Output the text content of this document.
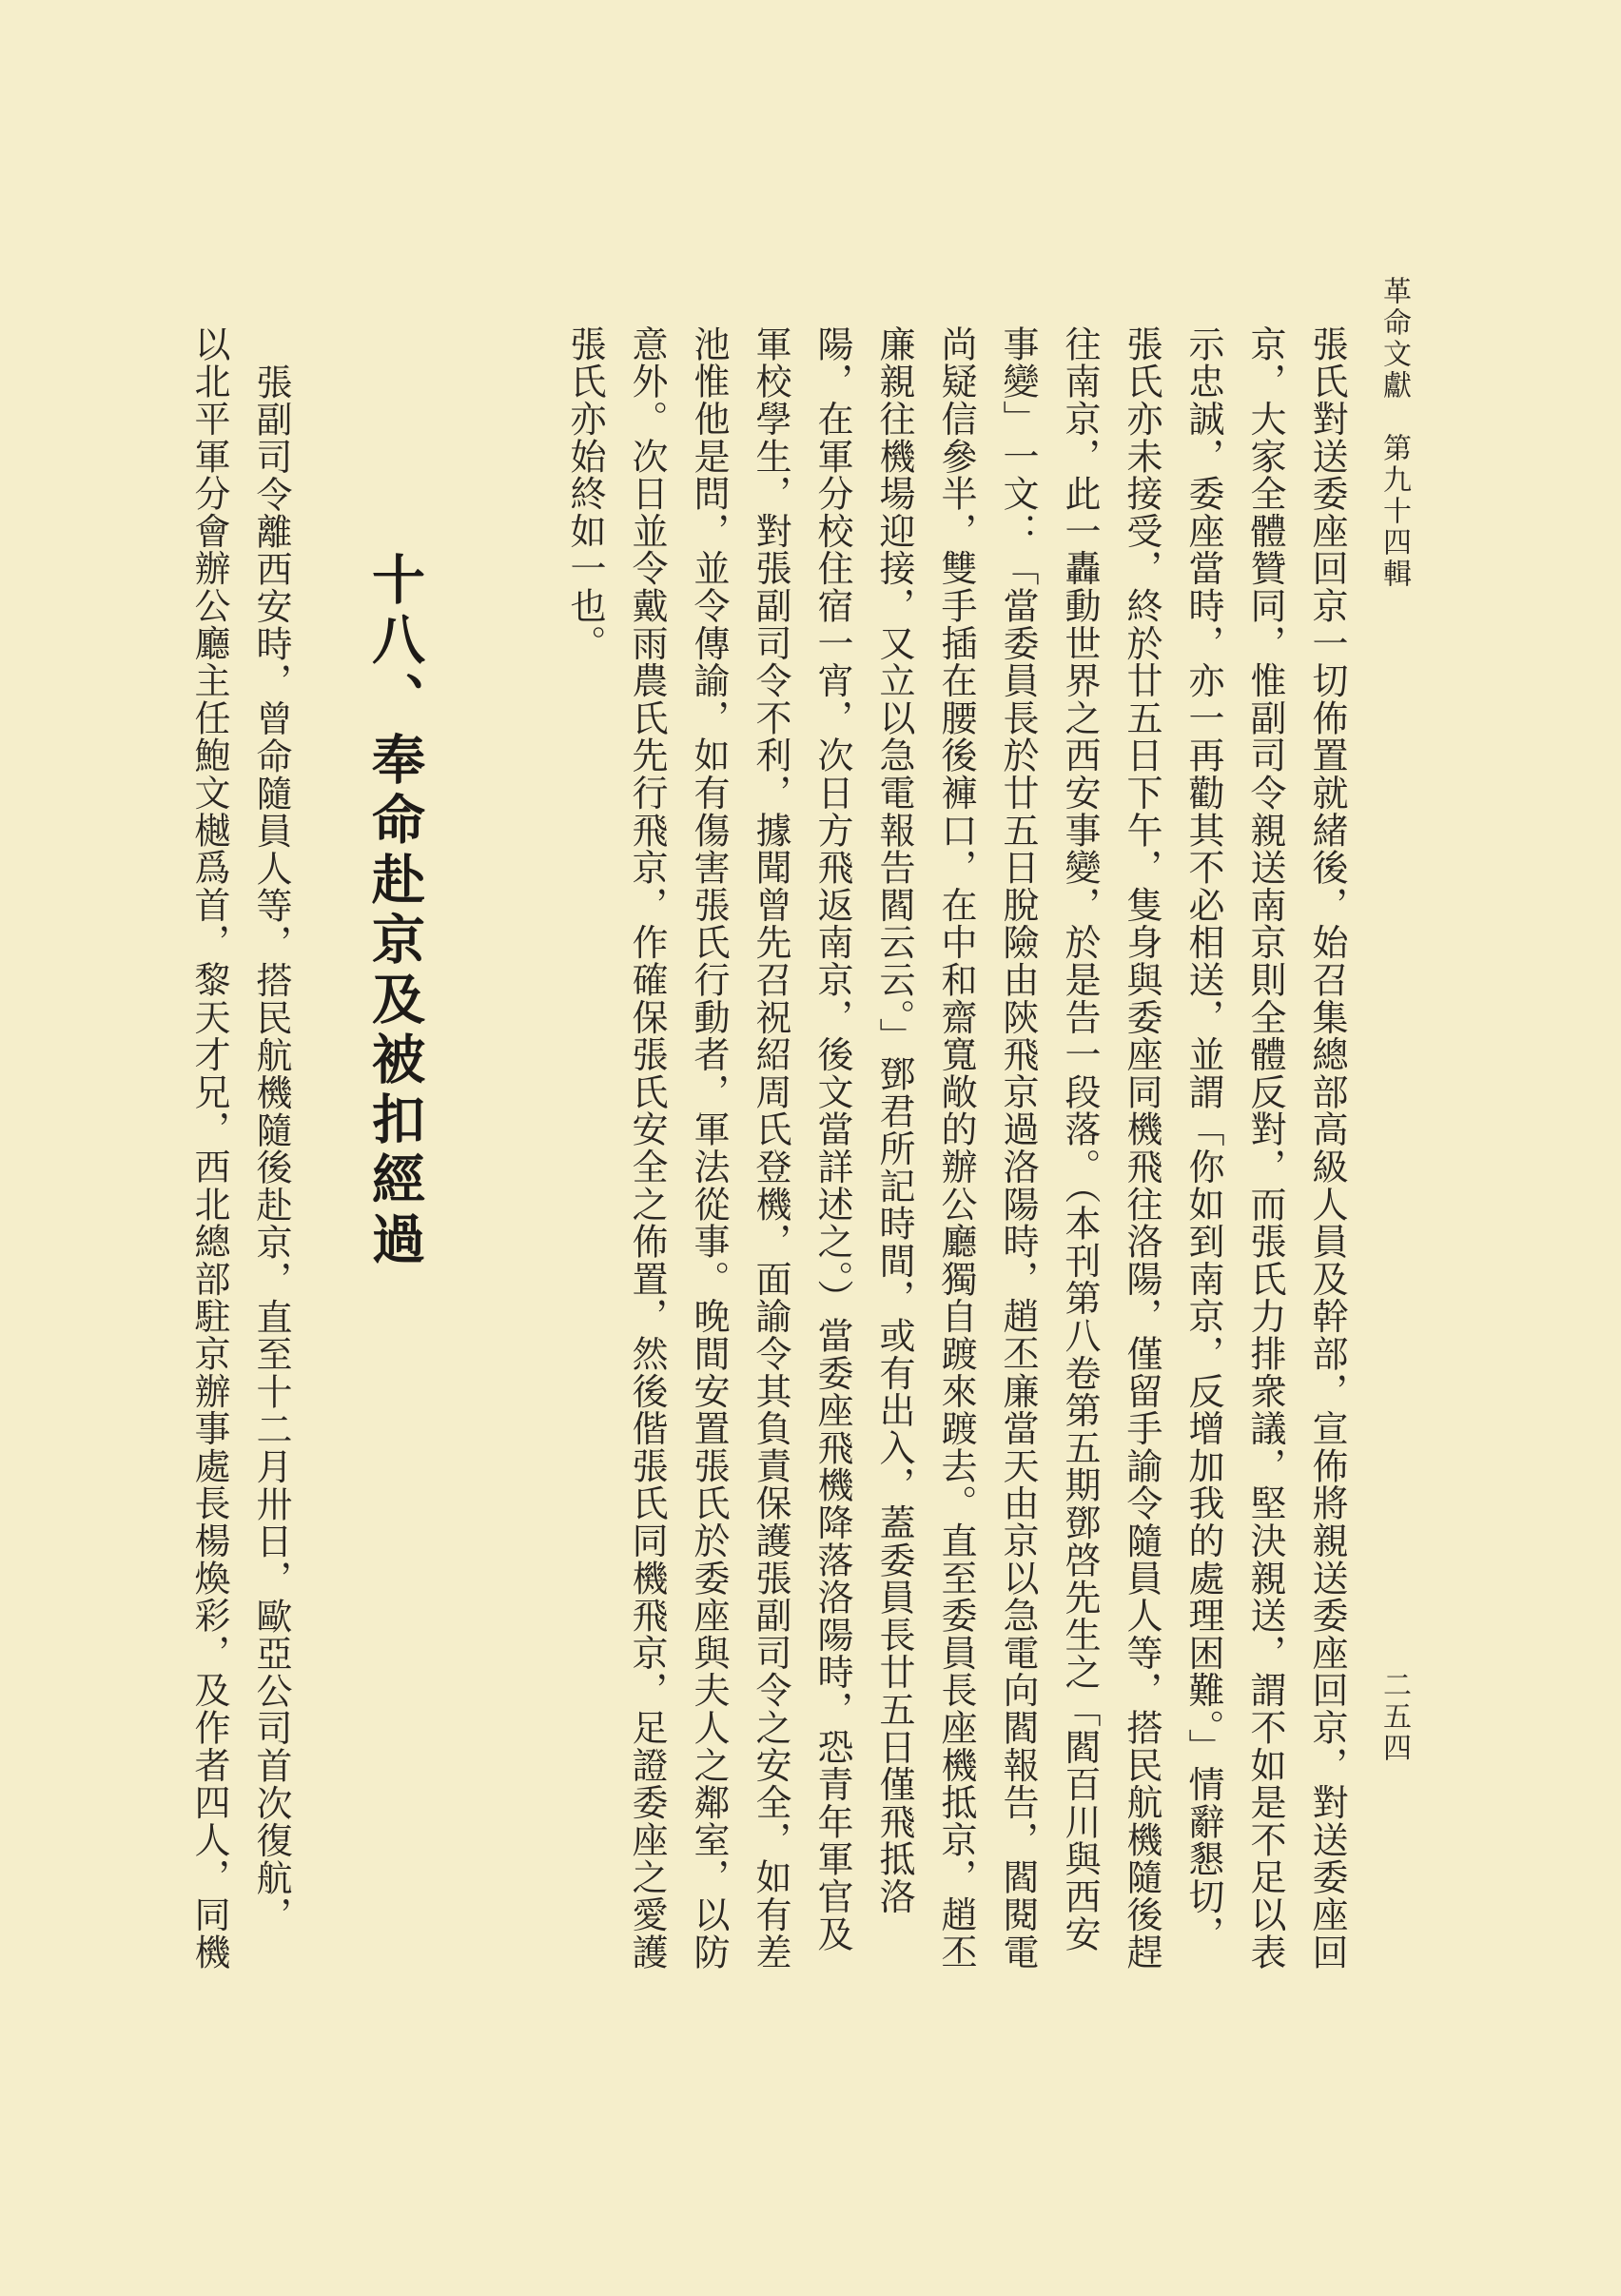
革命文獻　第九十四輯
二五四
張氏對送委座回京一切佈置就緒後，始召集總部高級人員及幹部，宣佈將親送委座回京，對送委座回
京，大家全體贊同，惟副司令親送南京則全體反對，而張氏力排衆議，堅決親送，謂不如是不足以表
示忠誠，委座當時，亦一再勸其不必相送，並謂「你如到南京，反增加我的處理困難。」情辭懇切，
張氏亦未接受，終於廿五日下午，隻身與委座同機飛往洛陽，僅留手諭令隨員人等，搭民航機隨後趕
往南京，此一轟動世界之西安事變，於是告一段落。（本刊第八卷第五期鄧啓先生之「閻百川與西安
事變」一文：「當委員長於廿五日脫險由陝飛京過洛陽時，趙丕廉當天由京以急電向閻報告，閻閱電
尚疑信參半，雙手插在腰後褲口，在中和齋寬敞的辦公廳獨自踱來踱去。直至委員長座機抵京，趙丕
廉親往機場迎接，又立以急電報告閻云云。」鄧君所記時間，或有出入，蓋委員長廿五日僅飛抵洛
陽，在軍分校住宿一宵，次日方飛返南京，後文當詳述之。）當委座飛機降落洛陽時，恐青年軍官及
軍校學生，對張副司令不利，據聞曾先召祝紹周氏登機，面諭令其負責保護張副司令之安全，如有差
池惟他是問，並令傳諭，如有傷害張氏行動者，軍法從事。晚間安置張氏於委座與夫人之鄰室，以防
意外。次日並令戴雨農氏先行飛京，作確保張氏安全之佈置，然後偕張氏同機飛京，足證委座之愛護
張氏亦始終如一也。
十八、奉命赴京及被扣經過
張副司令離西安時，曾命隨員人等，搭民航機隨後赴京，直至十二月卅日，歐亞公司首次復航，
以北平軍分會辦公廳主任鮑文樾爲首，黎天才兄，西北總部駐京辦事處長楊煥彩，及作者四人，同機
